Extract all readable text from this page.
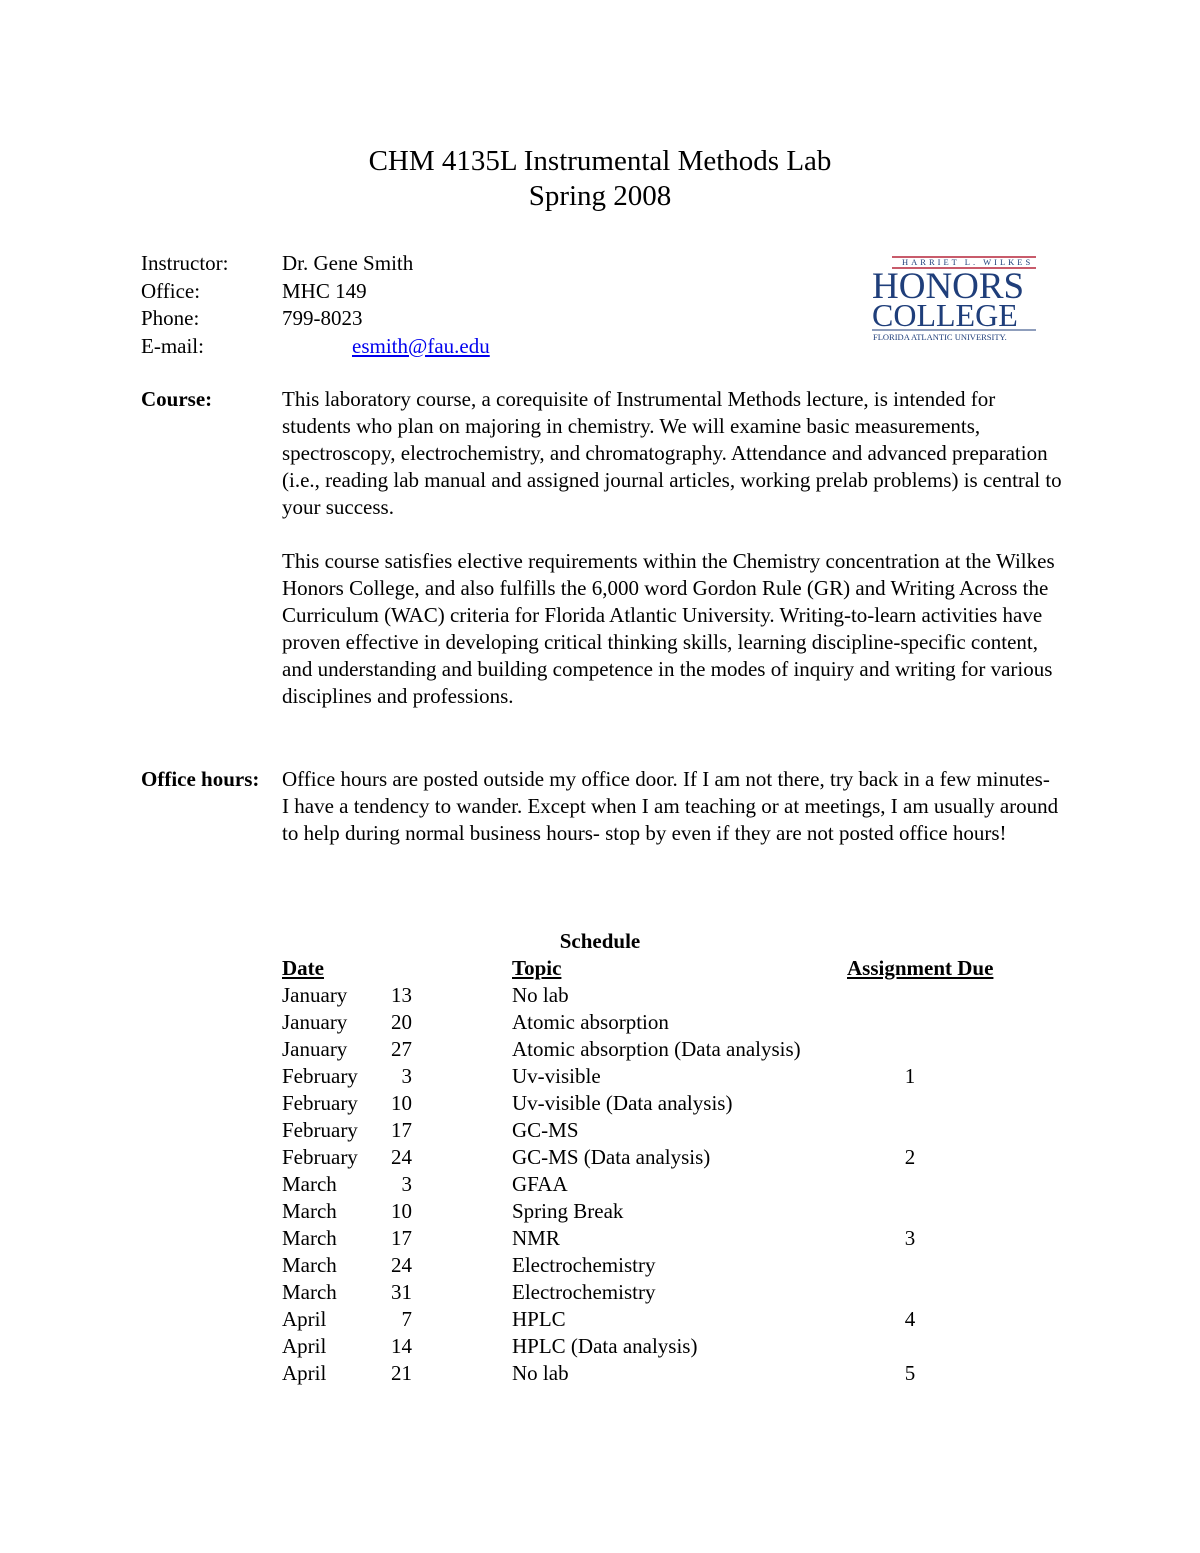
CHM 4135L Instrumental Methods Lab
Spring 2008
Instructor:	Dr. Gene Smith
Office:	MHC 149
Phone:	799-8023
E-mail:	esmith@fau.edu
HARRIET L. WILKES
HONORS
COLLEGE
FLORIDA ATLANTIC UNIVERSITY.
Course:	This laboratory course, a corequisite of Instrumental Methods lecture, is intended for students who plan on majoring in chemistry. We will examine basic measurements, spectroscopy, electrochemistry, and chromatography. Attendance and advanced preparation (i.e., reading lab manual and assigned journal articles, working prelab problems) is central to your success.

This course satisfies elective requirements within the Chemistry concentration at the Wilkes Honors College, and also fulfills the 6,000 word Gordon Rule (GR) and Writing Across the Curriculum (WAC) criteria for Florida Atlantic University. Writing-to-learn activities have proven effective in developing critical thinking skills, learning discipline-specific content, and understanding and building competence in the modes of inquiry and writing for various disciplines and professions.

Office hours:	Office hours are posted outside my office door. If I am not there, try back in a few minutes- I have a tendency to wander. Except when I am teaching or at meetings, I am usually around to help during normal business hours- stop by even if they are not posted office hours!

Schedule
Date	Topic	Assignment Due
January	13	No lab
January	20	Atomic absorption
January	27	Atomic absorption (Data analysis)
February	3	Uv-visible	1
February	10	Uv-visible (Data analysis)
February	17	GC-MS
February	24	GC-MS (Data analysis)	2
March	3	GFAA
March	10	Spring Break
March	17	NMR	3
March	24	Electrochemistry
March	31	Electrochemistry
April	7	HPLC	4
April	14	HPLC (Data analysis)
April	21	No lab	5
